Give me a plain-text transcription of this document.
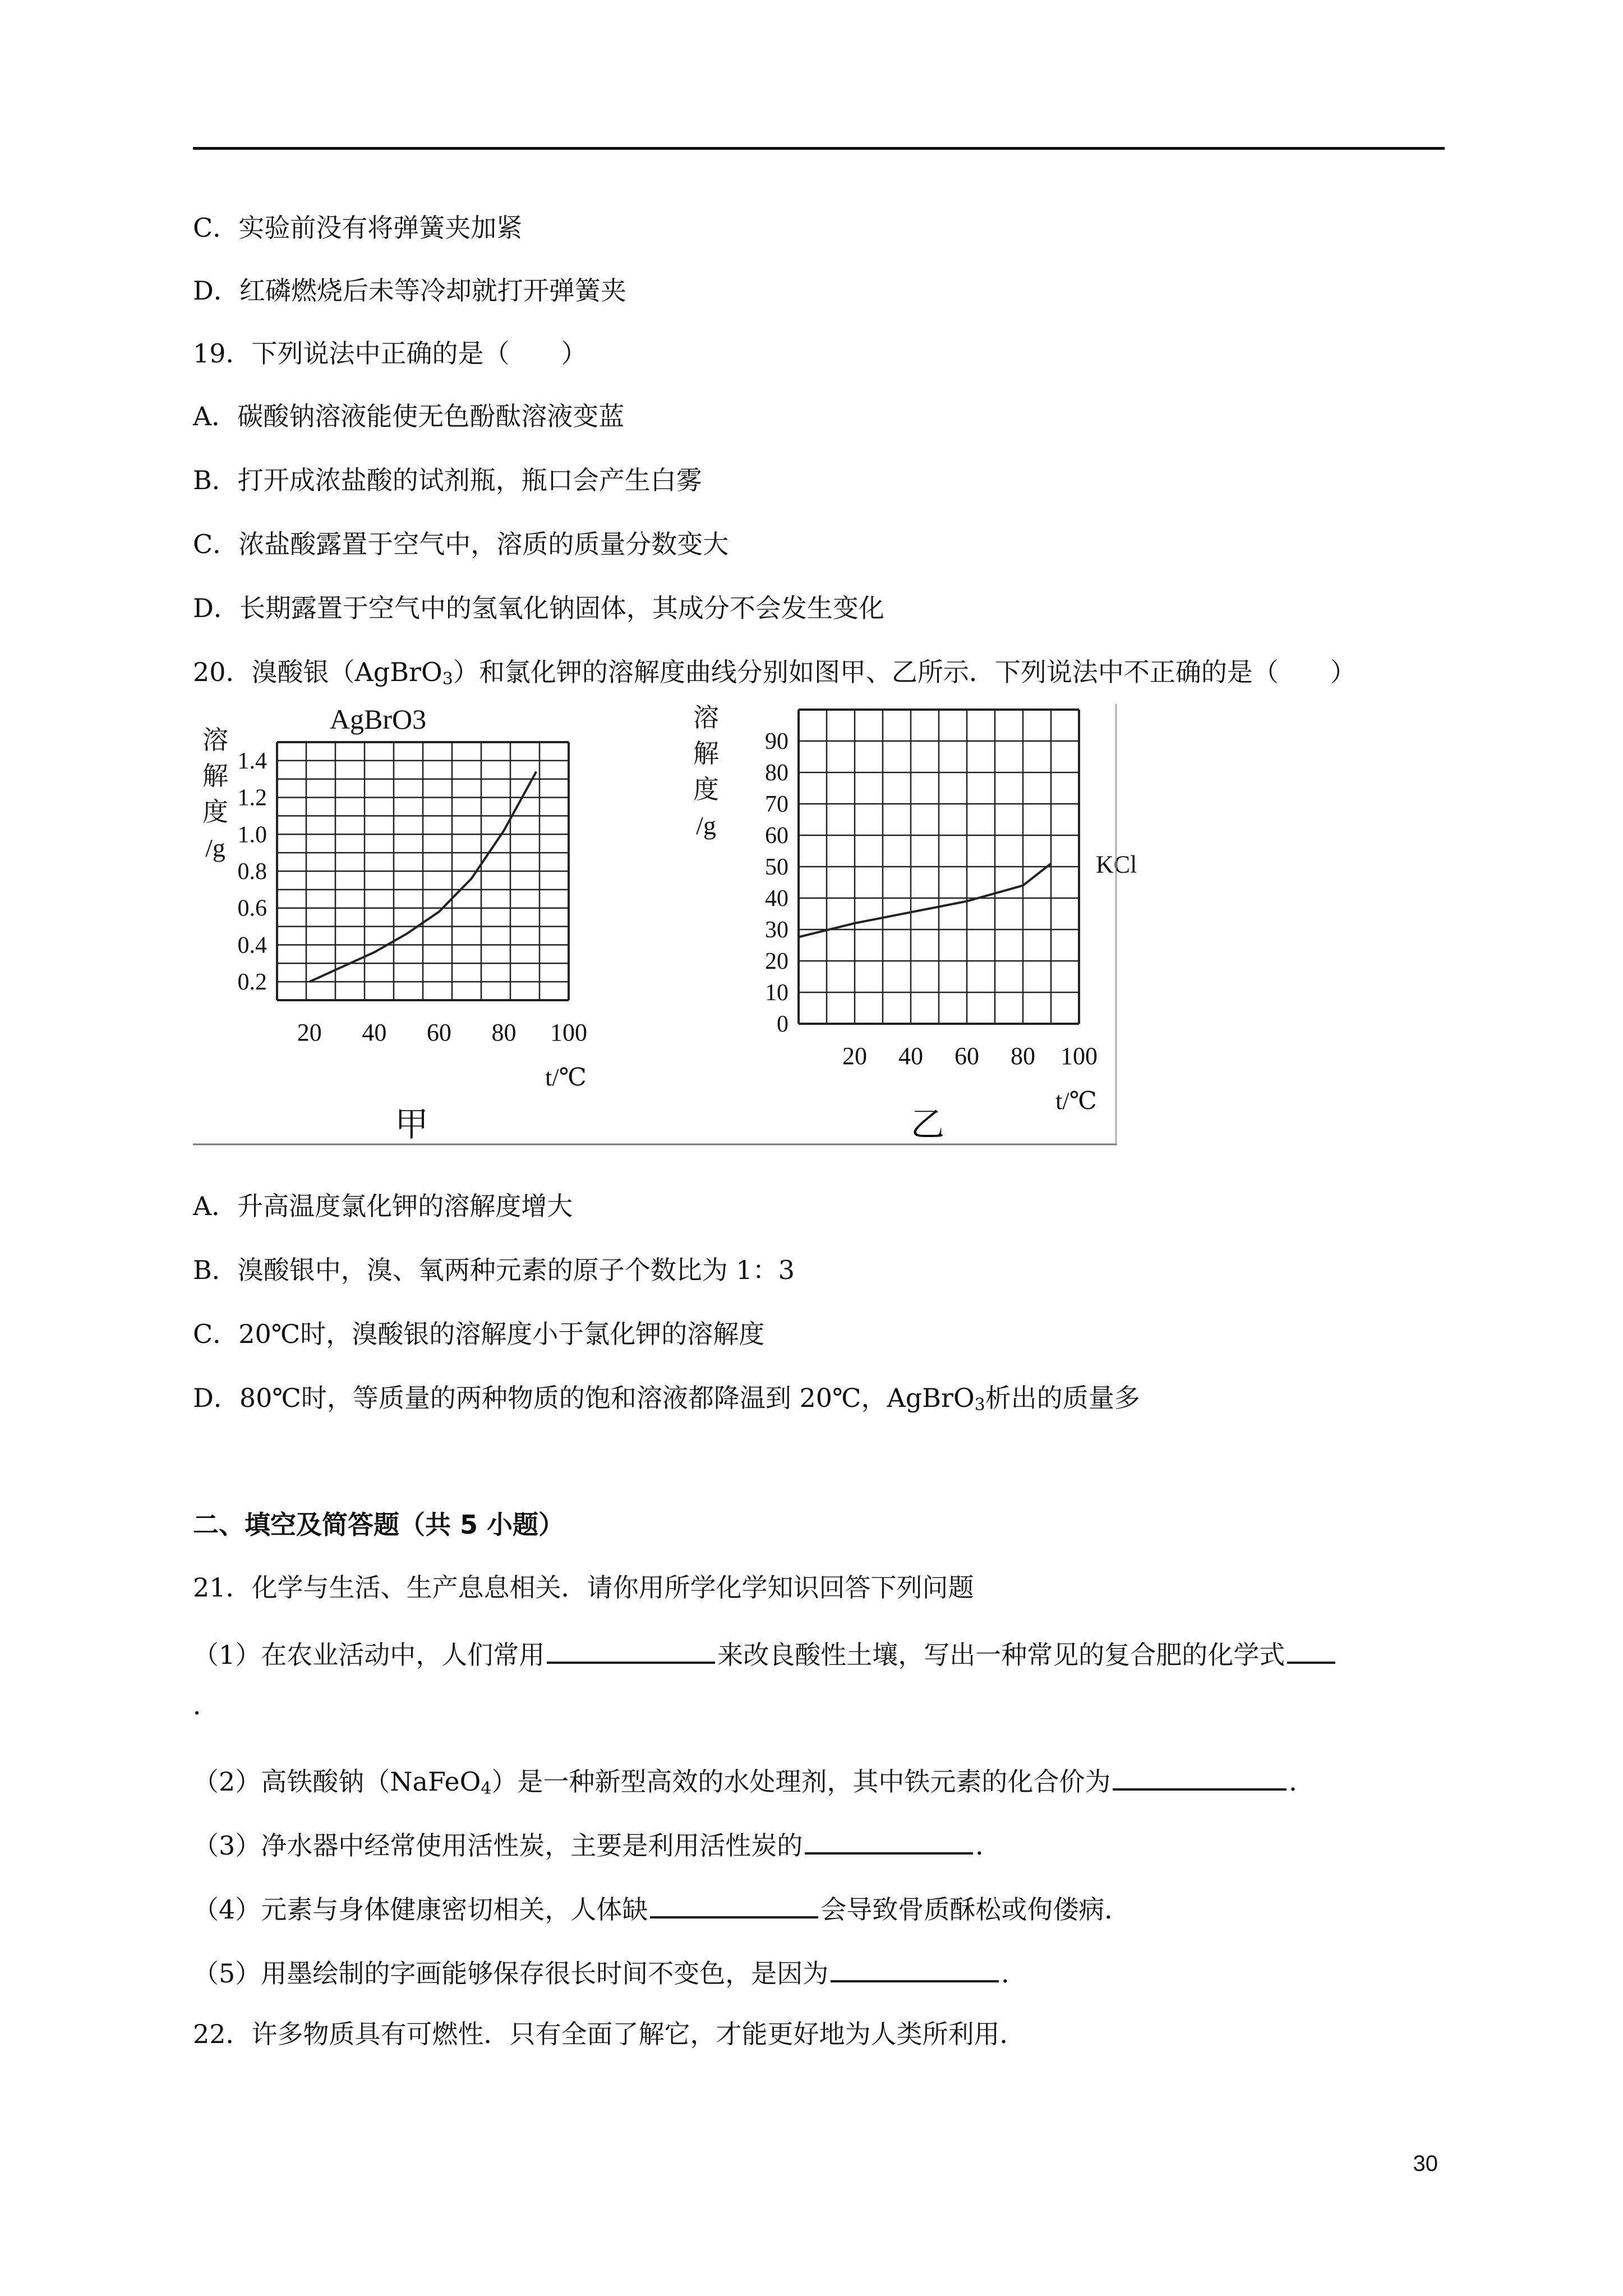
C．实验前没有将弹簧夹加紧
D．红磷燃烧后未等冷却就打开弹簧夹
19．下列说法中正确的是（　　）
A．碳酸钠溶液能使无色酚酞溶液变蓝
B．打开成浓盐酸的试剂瓶，瓶口会产生白雾
C．浓盐酸露置于空气中，溶质的质量分数变大
D．长期露置于空气中的氢氧化钠固体，其成分不会发生变化
20．溴酸银（AgBrO$_3$）和氯化钾的溶解度曲线分别如图甲、乙所示．下列说法中不正确的是（　　）
0.2
0.4
0.6
0.8
1.0
1.2
1.4
20 40 60 80 100
t/℃
溶
解
度
/g
AgBrO3
甲
0
10
20
30
40
50
60
70
80
90
20 40 60 80 100
t/℃
溶
解
度
/g
乙
KCl
A．升高温度氯化钾的溶解度增大
B．溴酸银中，溴、氧两种元素的原子个数比为 1：3
C．20℃时，溴酸银的溶解度小于氯化钾的溶解度
D．80℃时，等质量的两种物质的饱和溶液都降温到 20℃，AgBrO$_3$析出的质量多
二、填空及简答题（共 5 小题）
21．化学与生活、生产息息相关．请你用所学化学知识回答下列问题
（1）在农业活动中，人们常用	来改良酸性土壤，写出一种常见的复合肥的化学式
．
（2）高铁酸钠（NaFeO$_4$）是一种新型高效的水处理剂，其中铁元素的化合价为	．
（3）净水器中经常使用活性炭，主要是利用活性炭的	．
（4）元素与身体健康密切相关，人体缺	会导致骨质酥松或佝偻病．
（5）用墨绘制的字画能够保存很长时间不变色，是因为	．
22．许多物质具有可燃性．只有全面了解它，才能更好地为人类所利用．
30
